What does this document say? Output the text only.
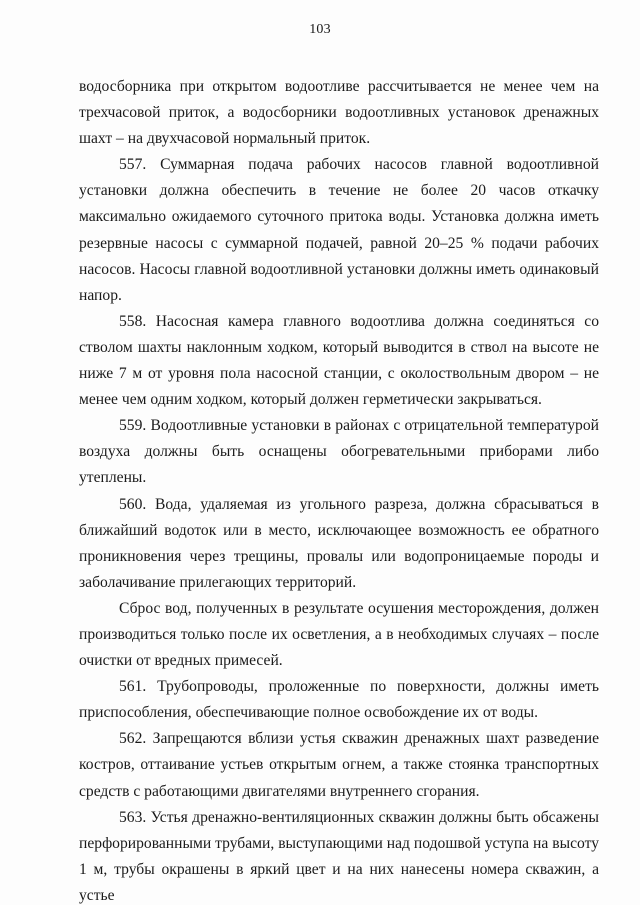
103

водосборника при открытом водоотливе рассчитывается не менее чем на трехчасовой приток, а водосборники водоотливных установок дренажных шахт – на двухчасовой нормальный приток.

557. Суммарная подача рабочих насосов главной водоотливной установки должна обеспечить в течение не более 20 часов откачку максимально ожидаемого суточного притока воды. Установка должна иметь резервные насосы с суммарной подачей, равной 20–25 % подачи рабочих насосов. Насосы главной водоотливной установки должны иметь одинаковый напор.

558. Насосная камера главного водоотлива должна соединяться со стволом шахты наклонным ходком, который выводится в ствол на высоте не ниже 7 м от уровня пола насосной станции, с околоствольным двором – не менее чем одним ходком, который должен герметически закрываться.

559. Водоотливные установки в районах с отрицательной температурой воздуха должны быть оснащены обогревательными приборами либо утеплены.

560. Вода, удаляемая из угольного разреза, должна сбрасываться в ближайший водоток или в место, исключающее возможность ее обратного проникновения через трещины, провалы или водопроницаемые породы и заболачивание прилегающих территорий.

Сброс вод, полученных в результате осушения месторождения, должен производиться только после их осветления, а в необходимых случаях – после очистки от вредных примесей.

561. Трубопроводы, проложенные по поверхности, должны иметь приспособления, обеспечивающие полное освобождение их от воды.

562. Запрещаются вблизи устья скважин дренажных шахт разведение костров, оттаивание устьев открытым огнем, а также стоянка транспортных средств с работающими двигателями внутреннего сгорания.

563. Устья дренажно-вентиляционных скважин должны быть обсажены перфорированными трубами, выступающими над подошвой уступа на высоту 1 м, трубы окрашены в яркий цвет и на них нанесены номера скважин, а устье
